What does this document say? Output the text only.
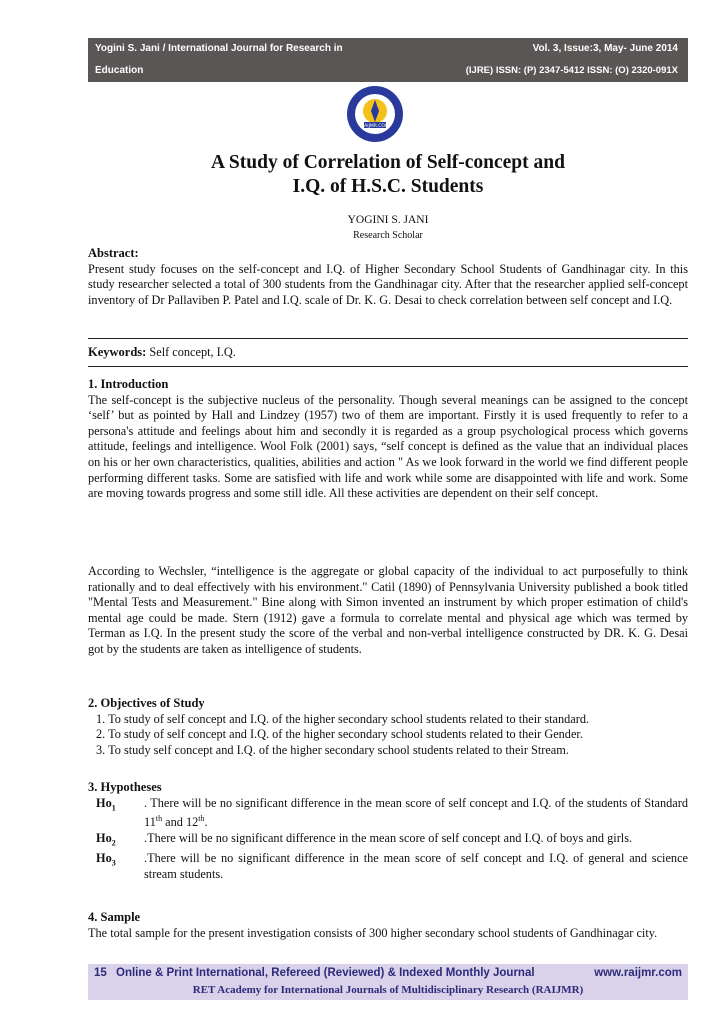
Yogini S. Jani / International Journal for Research in
Education
Vol. 3, Issue:3, May- June 2014
(IJRE) ISSN: (P) 2347-5412 ISSN: (O) 2320-091X
RAIJMR.COM
A Study of Correlation of Self-concept and
I.Q. of H.S.C. Students
YOGINI S. JANI
Research Scholar
Abstract:
Present study focuses on the self-concept and I.Q. of Higher Secondary School Students of Gandhinagar city. In this study researcher selected a total of 300 students from the Gandhinagar city. After that the researcher applied self-concept inventory of Dr Pallaviben P. Patel and I.Q. scale of Dr. K. G. Desai to check correlation between self concept and I.Q.
Keywords: Self concept, I.Q.
1. Introduction
The self-concept is the subjective nucleus of the personality. Though several meanings can be assigned to the concept ‘self’ but as pointed by Hall and Lindzey (1957) two of them are important. Firstly it is used frequently to refer to a persona's attitude and feelings about him and secondly it is regarded as a group psychological process which governs attitude, feelings and intelligence. Wool Folk (2001) says, “self concept is defined as the value that an individual places on his or her own characteristics, qualities, abilities and action " As we look forward in the world we find different people performing different tasks. Some are satisfied with life and work while some are disappointed with life and work. Some are moving towards progress and some still idle. All these activities are dependent on their self concept.
According to Wechsler, “intelligence is the aggregate or global capacity of the individual to act purposefully to think rationally and to deal effectively with his environment." Catil (1890) of Pennsylvania University published a book titled "Mental Tests and Measurement." Bine along with Simon invented an instrument by which proper estimation of child's mental age could be made. Stern (1912) gave a formula to correlate mental and physical age which was termed by Terman as I.Q. In the present study the score of the verbal and non-verbal intelligence constructed by DR. K. G. Desai got by the students are taken as intelligence of students.
2. Objectives of Study
1. To study of self concept and I.Q. of the higher secondary school students related to their standard.
2. To study of self concept and I.Q. of the higher secondary school students related to their Gender.
3. To study self concept and I.Q. of the higher secondary school students related to their Stream.
3. Hypotheses
$Ho_1$	. There will be no significant difference in the mean score of self concept and I.Q. of the students of Standard 11th and 12th.
$Ho_2$	.There will be no significant difference in the mean score of self concept and I.Q. of boys and girls.
$Ho_3$	.There will be no significant difference in the mean score of self concept and I.Q. of general and science stream students.
4. Sample
The total sample for the present investigation consists of 300 higher secondary school students of Gandhinagar city.
15 Online & Print International, Refereed (Reviewed) & Indexed Monthly Journal	www.raijmr.com
RET Academy for International Journals of Multidisciplinary Research (RAIJMR)
